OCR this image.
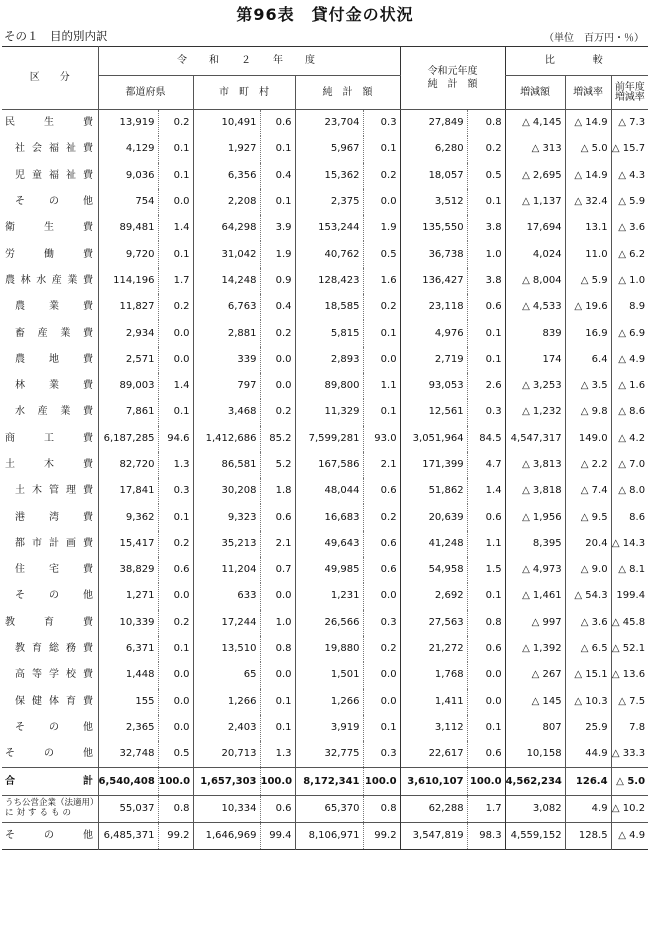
第96表　貸付金の状況
その１　目的別内訳	（単位　百万円・％）
区　　分	令　和　２　年　度						令和元年度
純　計　額		比　　較		
	都道府県		市　町　村		純　計　額				増減額	増減率	前年度
増減率

民生費	13,919	0.2	10,491	0.6	23,704	0.3	27,849	0.8	△ 4,145	△ 14.9	△ 7.3
社会福祉費	4,129	0.1	1,927	0.1	5,967	0.1	6,280	0.2	△ 313	△ 5.0	△ 15.7
児童福祉費	9,036	0.1	6,356	0.4	15,362	0.2	18,057	0.5	△ 2,695	△ 14.9	△ 4.3
その他	754	0.0	2,208	0.1	2,375	0.0	3,512	0.1	△ 1,137	△ 32.4	△ 5.9
衛生費	89,481	1.4	64,298	3.9	153,244	1.9	135,550	3.8	17,694	13.1	△ 3.6
労働費	9,720	0.1	31,042	1.9	40,762	0.5	36,738	1.0	4,024	11.0	△ 6.2
農林水産業費	114,196	1.7	14,248	0.9	128,423	1.6	136,427	3.8	△ 8,004	△ 5.9	△ 1.0
農業費	11,827	0.2	6,763	0.4	18,585	0.2	23,118	0.6	△ 4,533	△ 19.6	8.9
畜産業費	2,934	0.0	2,881	0.2	5,815	0.1	4,976	0.1	839	16.9	△ 6.9
農地費	2,571	0.0	339	0.0	2,893	0.0	2,719	0.1	174	6.4	△ 4.9
林業費	89,003	1.4	797	0.0	89,800	1.1	93,053	2.6	△ 3,253	△ 3.5	△ 1.6
水産業費	7,861	0.1	3,468	0.2	11,329	0.1	12,561	0.3	△ 1,232	△ 9.8	△ 8.6
商工費	6,187,285	94.6	1,412,686	85.2	7,599,281	93.0	3,051,964	84.5	4,547,317	149.0	△ 4.2
土木費	82,720	1.3	86,581	5.2	167,586	2.1	171,399	4.7	△ 3,813	△ 2.2	△ 7.0
土木管理費	17,841	0.3	30,208	1.8	48,044	0.6	51,862	1.4	△ 3,818	△ 7.4	△ 8.0
港湾費	9,362	0.1	9,323	0.6	16,683	0.2	20,639	0.6	△ 1,956	△ 9.5	8.6
都市計画費	15,417	0.2	35,213	2.1	49,643	0.6	41,248	1.1	8,395	20.4	△ 14.3
住宅費	38,829	0.6	11,204	0.7	49,985	0.6	54,958	1.5	△ 4,973	△ 9.0	△ 8.1
その他	1,271	0.0	633	0.0	1,231	0.0	2,692	0.1	△ 1,461	△ 54.3	199.4
教育費	10,339	0.2	17,244	1.0	26,566	0.3	27,563	0.8	△ 997	△ 3.6	△ 45.8
教育総務費	6,371	0.1	13,510	0.8	19,880	0.2	21,272	0.6	△ 1,392	△ 6.5	△ 52.1
高等学校費	1,448	0.0	65	0.0	1,501	0.0	1,768	0.0	△ 267	△ 15.1	△ 13.6
保健体育費	155	0.0	1,266	0.1	1,266	0.0	1,411	0.0	△ 145	△ 10.3	△ 7.5
その他	2,365	0.0	2,403	0.1	3,919	0.1	3,112	0.1	807	25.9	7.8
その他	32,748	0.5	20,713	1.3	32,775	0.3	22,617	0.6	10,158	44.9	△ 33.3
合計	6,540,408	100.0	1,657,303	100.0	8,172,341	100.0	3,610,107	100.0	4,562,234	126.4	△ 5.0

うち公営企業（法適用）
に対するもの	55,037	0.8	10,334	0.6	65,370	0.8	62,288	1.7	3,082	4.9	△ 10.2
その他	6,485,371	99.2	1,646,969	99.4	8,106,971	99.2	3,547,819	98.3	4,559,152	128.5	△ 4.9
